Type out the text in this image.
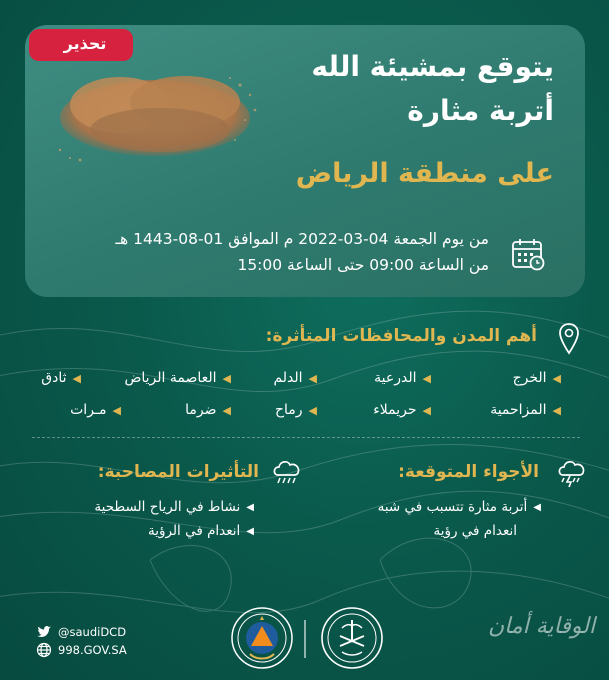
تحذير
يتوقع بمشيئة الله
أتربة مثارة
على منطقة الرياض
من يوم الجمعة 04-03-2022 م الموافق 01-08-1443 هـ
من الساعة 09:00 حتى الساعة 15:00
أهم المدن والمحافظات المتأثرة:
◀
الخرج
◀
الدرعية
◀
الدلم
◀
العاصمة الرياض
◀
ثادق
◀
المزاحمية
◀
حريملاء
◀
رماح
◀
ضرما
◀
مـرات
الأجواء المتوقعة:
◀
أتربة مثارة تتسبب في شبه
انعدام في رؤية
التأثيرات المصاحبة:
◀
نشاط في الرياح السطحية
◀
انعدام في الرؤية
@saudiDCD
998.GOV.SA
الوقاية أمان
